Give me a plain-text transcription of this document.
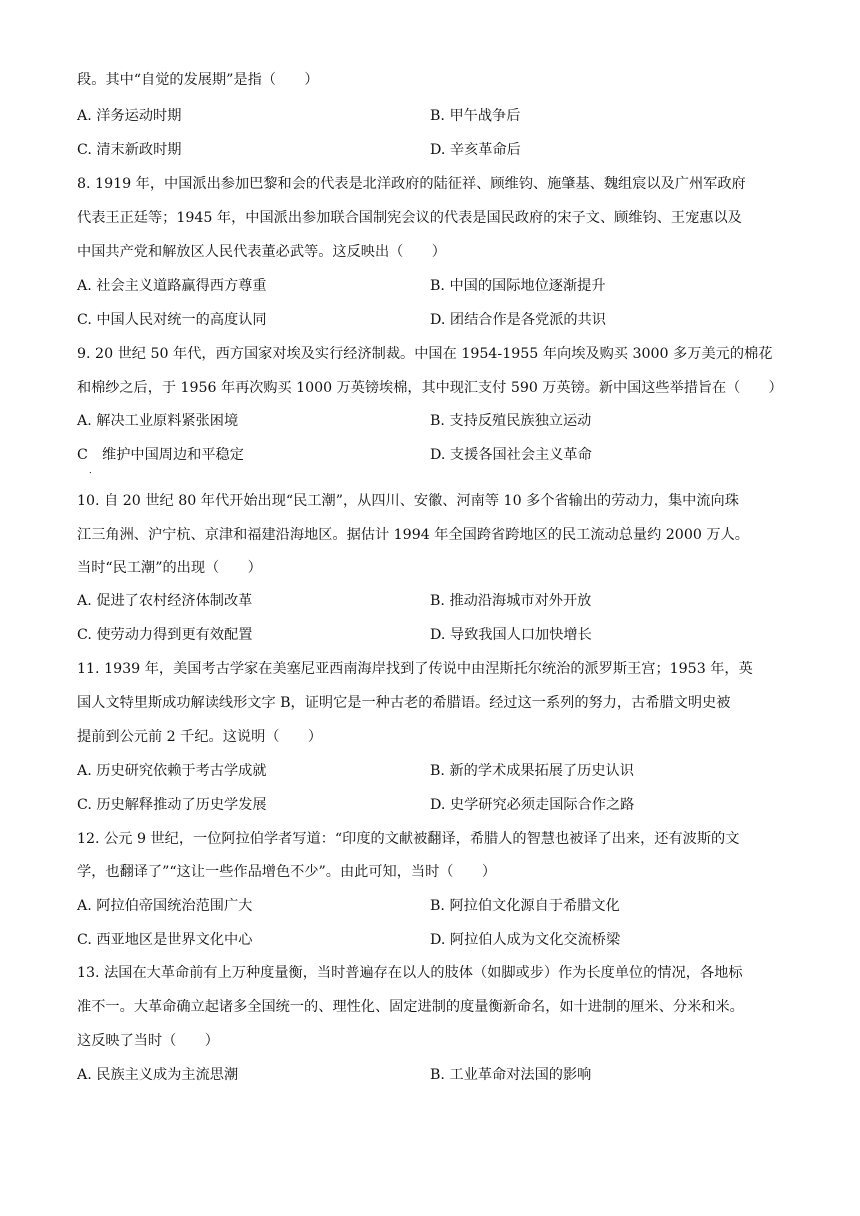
段。其中“自觉的发展期”是指（　　）
A. 洋务运动时期	B. 甲午战争后
C. 清末新政时期	D. 辛亥革命后
8. 1919 年，中国派出参加巴黎和会的代表是北洋政府的陆征祥、顾维钧、施肇基、魏组宸以及广州军政府
代表王正廷等；1945 年，中国派出参加联合国制宪会议的代表是国民政府的宋子文、顾维钧、王宠惠以及
中国共产党和解放区人民代表董必武等。这反映出（　　）
A. 社会主义道路赢得西方尊重	B. 中国的国际地位逐渐提升
C. 中国人民对统一的高度认同	D. 团结合作是各党派的共识
9. 20 世纪 50 年代，西方国家对埃及实行经济制裁。中国在 1954-1955 年向埃及购买 3000 多万美元的棉花
和棉纱之后，于 1956 年再次购买 1000 万英镑埃棉，其中现汇支付 590 万英镑。新中国这些举措旨在（　　）
A. 解决工业原料紧张困境	B. 支持反殖民族独立运动
C　维护中国周边和平稳定	D. 支援各国社会主义革命
．
10. 自 20 世纪 80 年代开始出现“民工潮”，从四川、安徽、河南等 10 多个省输出的劳动力，集中流向珠
江三角洲、沪宁杭、京津和福建沿海地区。据估计 1994 年全国跨省跨地区的民工流动总量约 2000 万人。
当时“民工潮”的出现（　　）
A. 促进了农村经济体制改革	B. 推动沿海城市对外开放
C. 使劳动力得到更有效配置	D. 导致我国人口加快增长
11. 1939 年，美国考古学家在美塞尼亚西南海岸找到了传说中由涅斯托尔统治的派罗斯王宫；1953 年，英
国人文特里斯成功解读线形文字 B，证明它是一种古老的希腊语。经过这一系列的努力，古希腊文明史被
提前到公元前 2 千纪。这说明（　　）
A. 历史研究依赖于考古学成就	B. 新的学术成果拓展了历史认识
C. 历史解释推动了历史学发展	D. 史学研究必须走国际合作之路
12. 公元 9 世纪，一位阿拉伯学者写道：“印度的文献被翻译，希腊人的智慧也被译了出来，还有波斯的文
学，也翻译了”“这让一些作品增色不少”。由此可知，当时（　　）
A. 阿拉伯帝国统治范围广大	B. 阿拉伯文化源自于希腊文化
C. 西亚地区是世界文化中心	D. 阿拉伯人成为文化交流桥梁
13. 法国在大革命前有上万种度量衡，当时普遍存在以人的肢体（如脚或步）作为长度单位的情况，各地标
准不一。大革命确立起诸多全国统一的、理性化、固定进制的度量衡新命名，如十进制的厘米、分米和米。
这反映了当时（　　）
A. 民族主义成为主流思潮	B. 工业革命对法国的影响
